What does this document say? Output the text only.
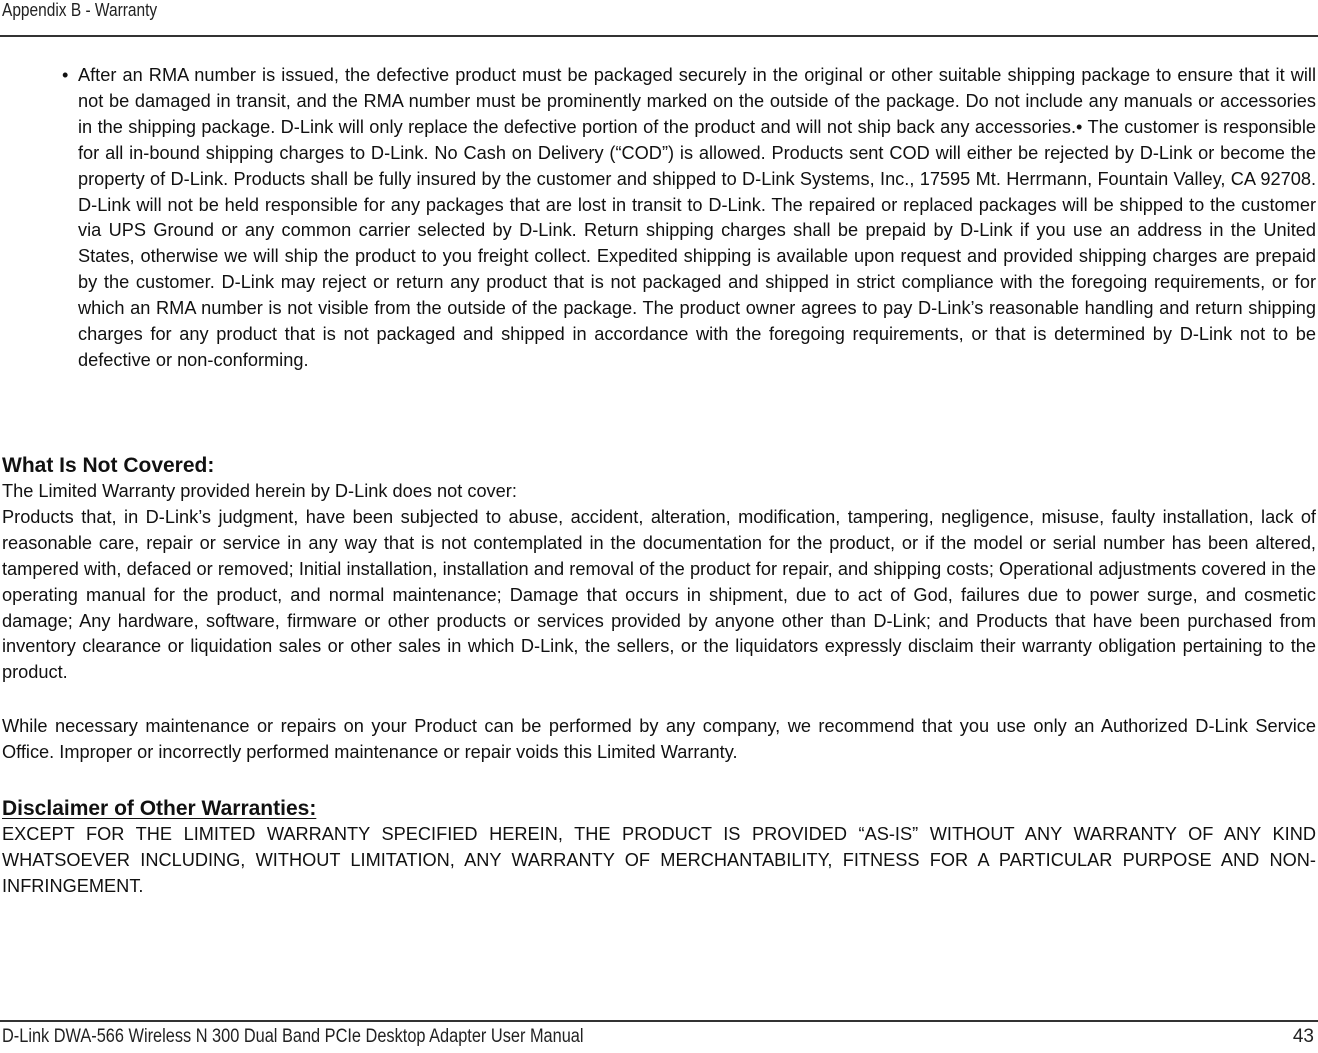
Appendix B - Warranty
• After an RMA number is issued, the defective product must be packaged securely in the original or other suitable shipping package to ensure that it will not be damaged in transit, and the RMA number must be prominently marked on the outside of the package. Do not include any manuals or accessories in the shipping package. D-Link will only replace the defective portion of the product and will not ship back any accessories.• The customer is responsible for all in-bound shipping charges to D-Link. No Cash on Delivery (“COD”) is allowed. Products sent COD will either be rejected by D-Link or become the property of D-Link. Products shall be fully insured by the customer and shipped to D-Link Systems, Inc., 17595 Mt. Herrmann, Fountain Valley, CA 92708. D-Link will not be held responsible for any packages that are lost in transit to D-Link. The repaired or replaced packages will be shipped to the customer via UPS Ground or any common carrier selected by D-Link. Return shipping charges shall be prepaid by D-Link if you use an address in the United States, otherwise we will ship the product to you freight collect. Expedited shipping is available upon request and provided shipping charges are prepaid by the customer. D-Link may reject or return any product that is not packaged and shipped in strict compliance with the foregoing requirements, or for which an RMA number is not visible from the outside of the package. The product owner agrees to pay D-Link’s reasonable handling and return shipping charges for any product that is not packaged and shipped in accordance with the foregoing requirements, or that is determined by D-Link not to be defective or non-conforming.

What Is Not Covered:

The Limited Warranty provided herein by D-Link does not cover:

Products that, in D-Link’s judgment, have been subjected to abuse, accident, alteration, modification, tampering, negligence, misuse, faulty installation, lack of reasonable care, repair or service in any way that is not contemplated in the documentation for the product, or if the model or serial number has been altered, tampered with, defaced or removed; Initial installation, installation and removal of the product for repair, and shipping costs; Operational adjustments covered in the operating manual for the product, and normal maintenance; Damage that occurs in shipment, due to act of God, failures due to power surge, and cosmetic damage; Any hardware, software, firmware or other products or services provided by anyone other than D-Link; and Products that have been purchased from inventory clearance or liquidation sales or other sales in which D-Link, the sellers, or the liquidators expressly disclaim their warranty obligation pertaining to the product.

While necessary maintenance or repairs on your Product can be performed by any company, we recommend that you use only an Authorized D-Link Service Office. Improper or incorrectly performed maintenance or repair voids this Limited Warranty.

Disclaimer of Other Warranties:

EXCEPT FOR THE LIMITED WARRANTY SPECIFIED HEREIN, THE PRODUCT IS PROVIDED “AS-IS” WITHOUT ANY WARRANTY OF ANY KIND WHATSOEVER INCLUDING, WITHOUT LIMITATION, ANY WARRANTY OF MERCHANTABILITY, FITNESS FOR A PARTICULAR PURPOSE AND NON-INFRINGEMENT.

D-Link DWA-566 Wireless N 300 Dual Band PCIe Desktop Adapter User Manual	43
